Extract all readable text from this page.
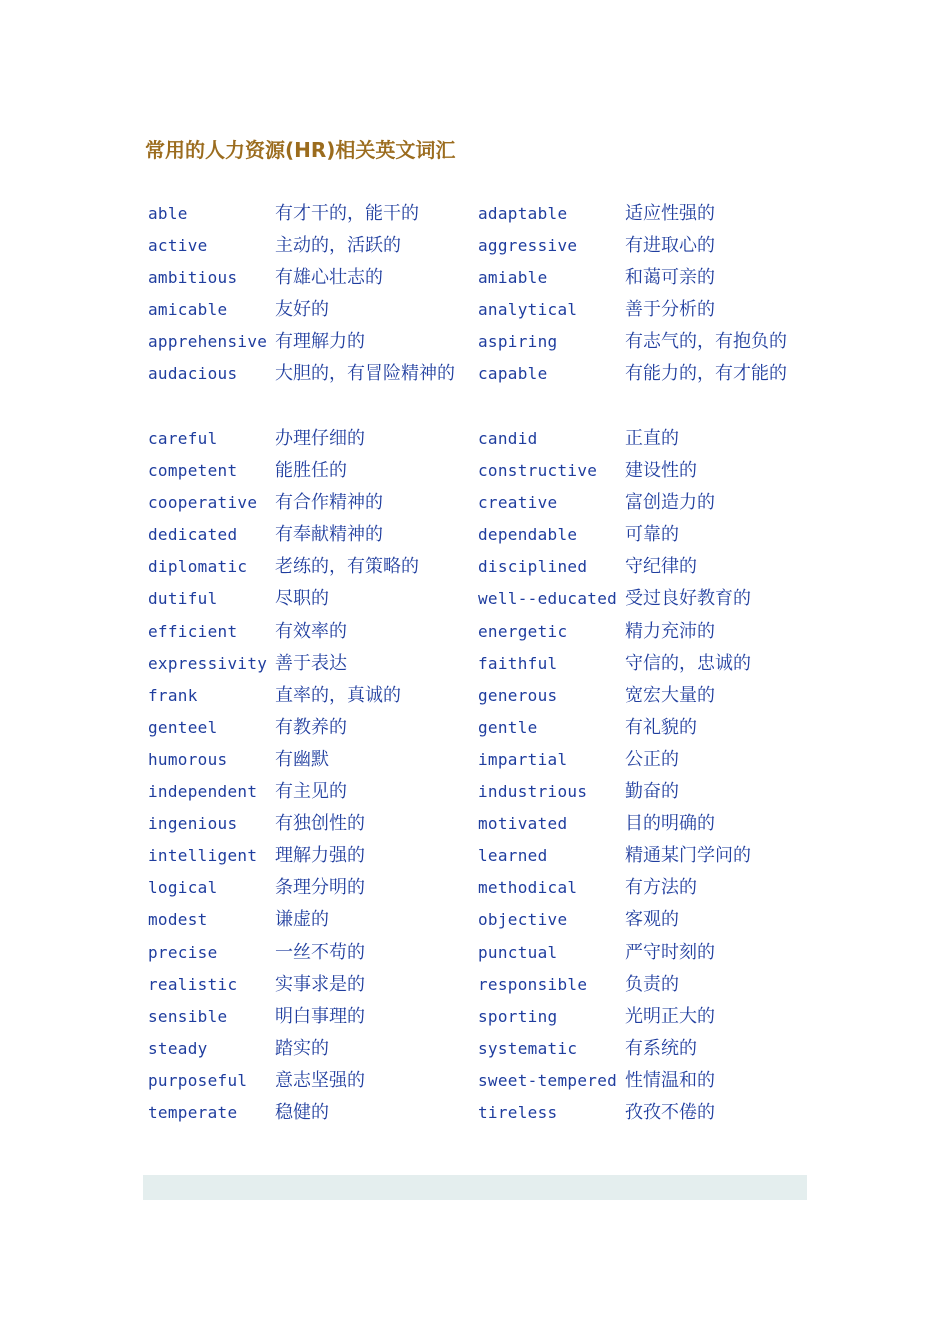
常用的人力资源(HR)相关英文词汇
able	有才干的，能干的	adaptable	适应性强的
active	主动的，活跃的	aggressive	有进取心的
ambitious 有雄心壮志的	amiable	和蔼可亲的
amicable	友好的	analytical	善于分析的
apprehensive 有理解力的	aspiring	有志气的，有抱负的
audacious 大胆的，有冒险精神的 capable	有能力的，有才能的
careful	办理仔细的	candid	正直的
competent 能胜任的	constructive 建设性的
cooperative 有合作精神的	creative	富创造力的
dedicated 有奉献精神的	dependable	可靠的
diplomatic 老练的，有策略的	disciplined 守纪律的
dutiful	尽职的	well--educated 受过良好教育的
efficient 有效率的	energetic	精力充沛的
expressivity 善于表达	faithful	守信的，忠诚的
frank	直率的，真诚的	generous	宽宏大量的
genteel	有教养的	gentle	有礼貌的
humorous	有幽默	impartial	公正的
independent 有主见的	industrious 勤奋的
ingenious 有独创性的	motivated	目的明确的
intelligent 理解力强的	learned	精通某门学问的
logical	条理分明的	methodical	有方法的
modest	谦虚的	objective	客观的
precise	一丝不苟的	punctual	严守时刻的
realistic 实事求是的	responsible 负责的
sensible	明白事理的	sporting	光明正大的
steady	踏实的	systematic	有系统的
purposeful 意志坚强的	sweet-tempered 性情温和的
temperate 稳健的	tireless	孜孜不倦的
